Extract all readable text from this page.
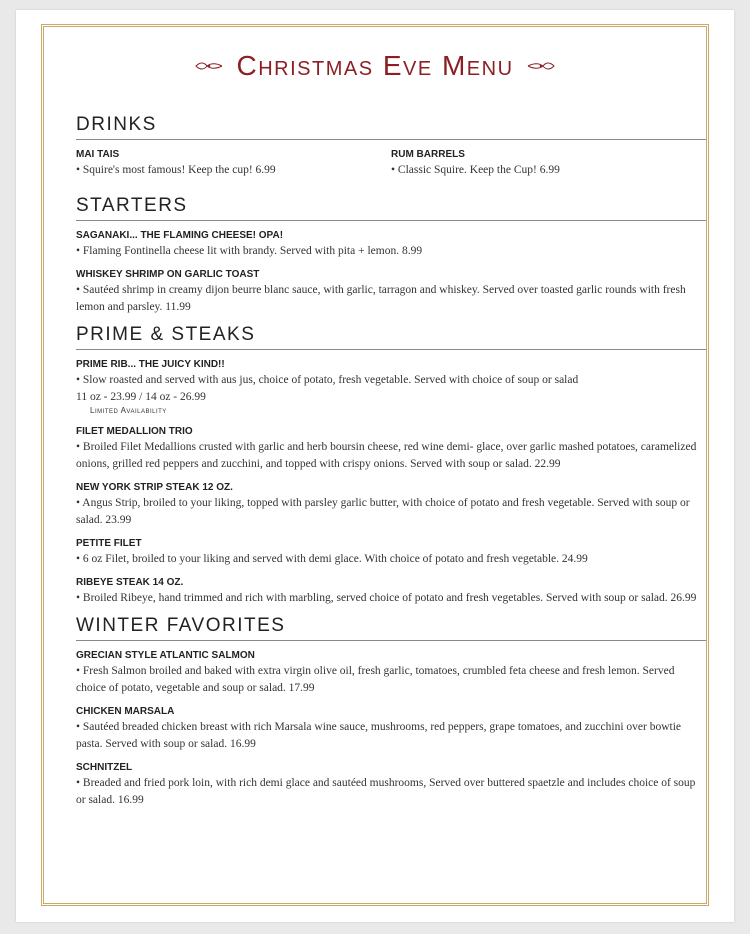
Christmas Eve Menu
DRINKS
MAI TAIS
• Squire's most famous! Keep the cup! 6.99
RUM BARRELS
• Classic Squire. Keep the Cup! 6.99
STARTERS
SAGANAKI... THE FLAMING CHEESE! OPA!
• Flaming Fontinella cheese lit with brandy. Served with pita + lemon. 8.99
WHISKEY SHRIMP ON GARLIC TOAST
• Sautéed shrimp in creamy dijon beurre blanc sauce, with garlic, tarragon and whiskey. Served over toasted garlic rounds with fresh lemon and parsley. 11.99
PRIME & STEAKS
PRIME RIB... THE JUICY KIND!!
• Slow roasted and served with aus jus, choice of potato, fresh vegetable. Served with choice of soup or salad
11 oz - 23.99 / 14 oz - 26.99
Limited Availability
FILET MEDALLION TRIO
• Broiled Filet Medallions crusted with garlic and herb boursin cheese, red wine demi- glace, over garlic mashed potatoes, caramelized onions, grilled red peppers and zucchini, and topped with crispy onions. Served with soup or salad. 22.99
NEW YORK STRIP STEAK 12 OZ.
• Angus Strip, broiled to your liking, topped with parsley garlic butter, with choice of potato and fresh vegetable. Served with soup or salad. 23.99
PETITE FILET
• 6 oz Filet, broiled to your liking and served with demi glace. With choice of potato and fresh vegetable. 24.99
RIBEYE STEAK 14 OZ.
• Broiled Ribeye, hand trimmed and rich with marbling, served choice of potato and fresh vegetables. Served with soup or salad. 26.99
WINTER FAVORITES
GRECIAN STYLE ATLANTIC SALMON
• Fresh Salmon broiled and baked with extra virgin olive oil, fresh garlic, tomatoes, crumbled feta cheese and fresh lemon. Served choice of potato, vegetable and soup or salad. 17.99
CHICKEN MARSALA
• Sautéed breaded chicken breast with rich Marsala wine sauce, mushrooms, red peppers, grape tomatoes, and zucchini over bowtie pasta. Served with soup or salad. 16.99
SCHNITZEL
• Breaded and fried pork loin, with rich demi glace and sautéed mushrooms, Served over buttered spaetzle and includes choice of soup or salad. 16.99
